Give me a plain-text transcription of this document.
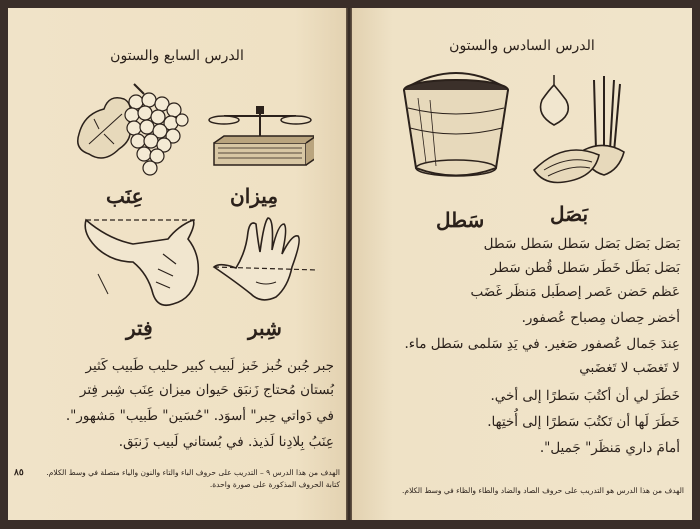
الدرس السابع والستون
عِنَب	مِيزان
فِتر	شِبر
جبر جُبن خُبز خَبز لَبيب كبير حليب طَبيب كَثير
بُستان مُحتاج زَنبَق حَيوان ميزان عِنَب شِبر فِتر
في دَواتي حِبر" أسوَد. "حُسَين" طَبيب" مَشهور".
عِنَبُ بِلادِنا لَذيذ. في بُستاني لَبيب زَنبَق.
٨٥	الهدف من هذا الدرس ٩ – التدريب على حروف الباء والتاء والنون والياء متصلة في وسط الكلام.
كتابة الحروف المذكورة على صورة واحدة.
الدرس السادس والستون
سَطل	بَصَل
بَصَل بَصَل بَصَل سَطل سَطل سَطل
بَصَل بَطَل خَطَر سَطل قُطن سَطر
عَظم حَضن عَصر إصطَبل مَنظَر غَضَب
أخضر حِصان مِصباح عُصفور.
عِندَ جَمال عُصفور صَغير. في يَدِ سَلمى سَطل ماء.
لا تَغضَب لا تَغضَبي
خَطَرَ لي أن أكتُبَ سَطرًا إلى أخي.
خَطَرَ لَها أن تَكتُبَ سَطرًا إلى أُختِها.
أمامَ داري مَنظَر" جَميل".
الهدف من هذا الدرس هو التدريب على حروف الصاد والضاد والطاء والظاء في وسط الكلام.
